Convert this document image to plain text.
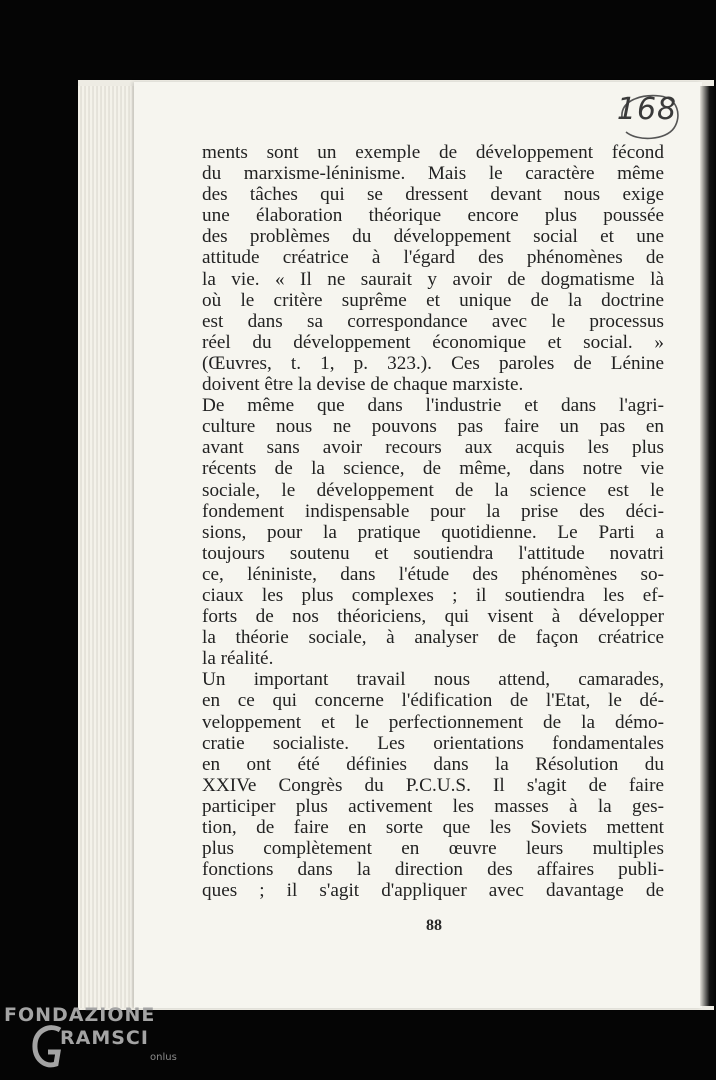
168
ments sont un exemple de développement fécond
du marxisme-léninisme. Mais le caractère même
des tâches qui se dressent devant nous exige
une élaboration théorique encore plus poussée
des problèmes du développement social et une
attitude créatrice à l'égard des phénomènes de
la vie. « Il ne saurait y avoir de dogmatisme là
où le critère suprême et unique de la doctrine
est dans sa correspondance avec le processus
réel du développement économique et social. »
(Œuvres, t. 1, p. 323.). Ces paroles de Lénine
doivent être la devise de chaque marxiste.
De même que dans l'industrie et dans l'agri-
culture nous ne pouvons pas faire un pas en
avant sans avoir recours aux acquis les plus
récents de la science, de même, dans notre vie
sociale, le développement de la science est le
fondement indispensable pour la prise des déci-
sions, pour la pratique quotidienne. Le Parti a
toujours soutenu et soutiendra l'attitude novatri
ce, léniniste, dans l'étude des phénomènes so-
ciaux les plus complexes ; il soutiendra les ef-
forts de nos théoriciens, qui visent à développer
la théorie sociale, à analyser de façon créatrice
la réalité.
Un important travail nous attend, camarades,
en ce qui concerne l'édification de l'Etat, le dé-
veloppement et le perfectionnement de la démo-
cratie socialiste. Les orientations fondamentales
en ont été définies dans la Résolution du
XXIVe Congrès du P.C.U.S. Il s'agit de faire
participer plus activement les masses à la ges-
tion, de faire en sorte que les Soviets mettent
plus complètement en œuvre leurs multiples
fonctions dans la direction des affaires publi-
ques ; il s'agit d'appliquer avec davantage de
88
FONDAZIONE
RAMSCI
onlus
